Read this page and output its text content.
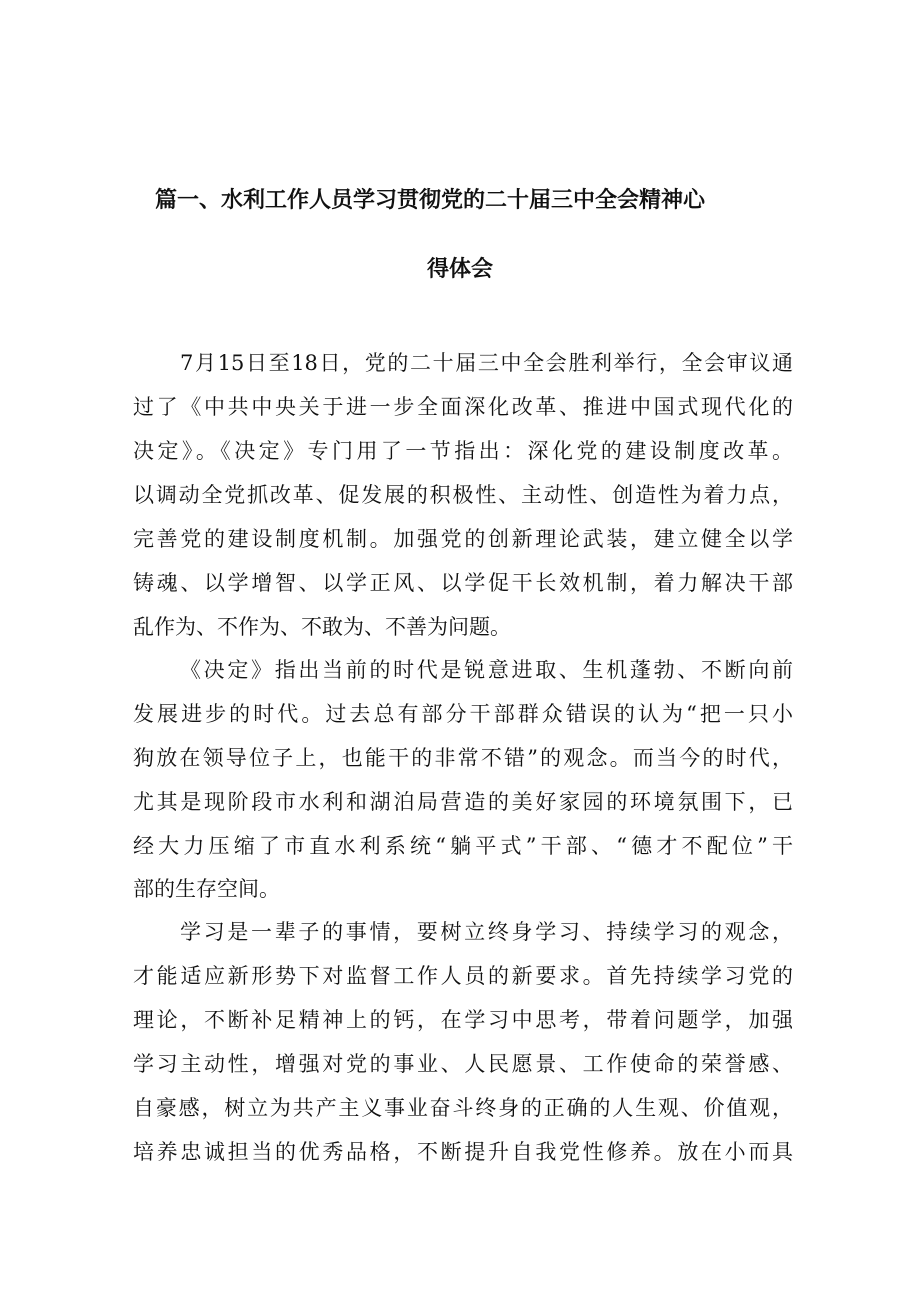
篇一、水利工作人员学习贯彻党的二十届三中全会精神心
得体会
7月15日至18日，党的二十届三中全会胜利举行，全会审议通
过了《中共中央关于进一步全面深化改革、推进中国式现代化的
决定》。《决定》专门用了一节指出：深化党的建设制度改革。
以调动全党抓改革、促发展的积极性、主动性、创造性为着力点，
完善党的建设制度机制。加强党的创新理论武装，建立健全以学
铸魂、以学增智、以学正风、以学促干长效机制，着力解决干部
乱作为、不作为、不敢为、不善为问题。
《决定》指出当前的时代是锐意进取、生机蓬勃、不断向前
发展进步的时代。过去总有部分干部群众错误的认为“把一只小
狗放在领导位子上，也能干的非常不错”的观念。而当今的时代，
尤其是现阶段市水利和湖泊局营造的美好家园的环境氛围下，已
经大力压缩了市直水利系统“躺平式”干部、“德才不配位”干
部的生存空间。
学习是一辈子的事情，要树立终身学习、持续学习的观念，
才能适应新形势下对监督工作人员的新要求。首先持续学习党的
理论，不断补足精神上的钙，在学习中思考，带着问题学，加强
学习主动性，增强对党的事业、人民愿景、工作使命的荣誉感、
自豪感，树立为共产主义事业奋斗终身的正确的人生观、价值观，
培养忠诚担当的优秀品格，不断提升自我党性修养。放在小而具
